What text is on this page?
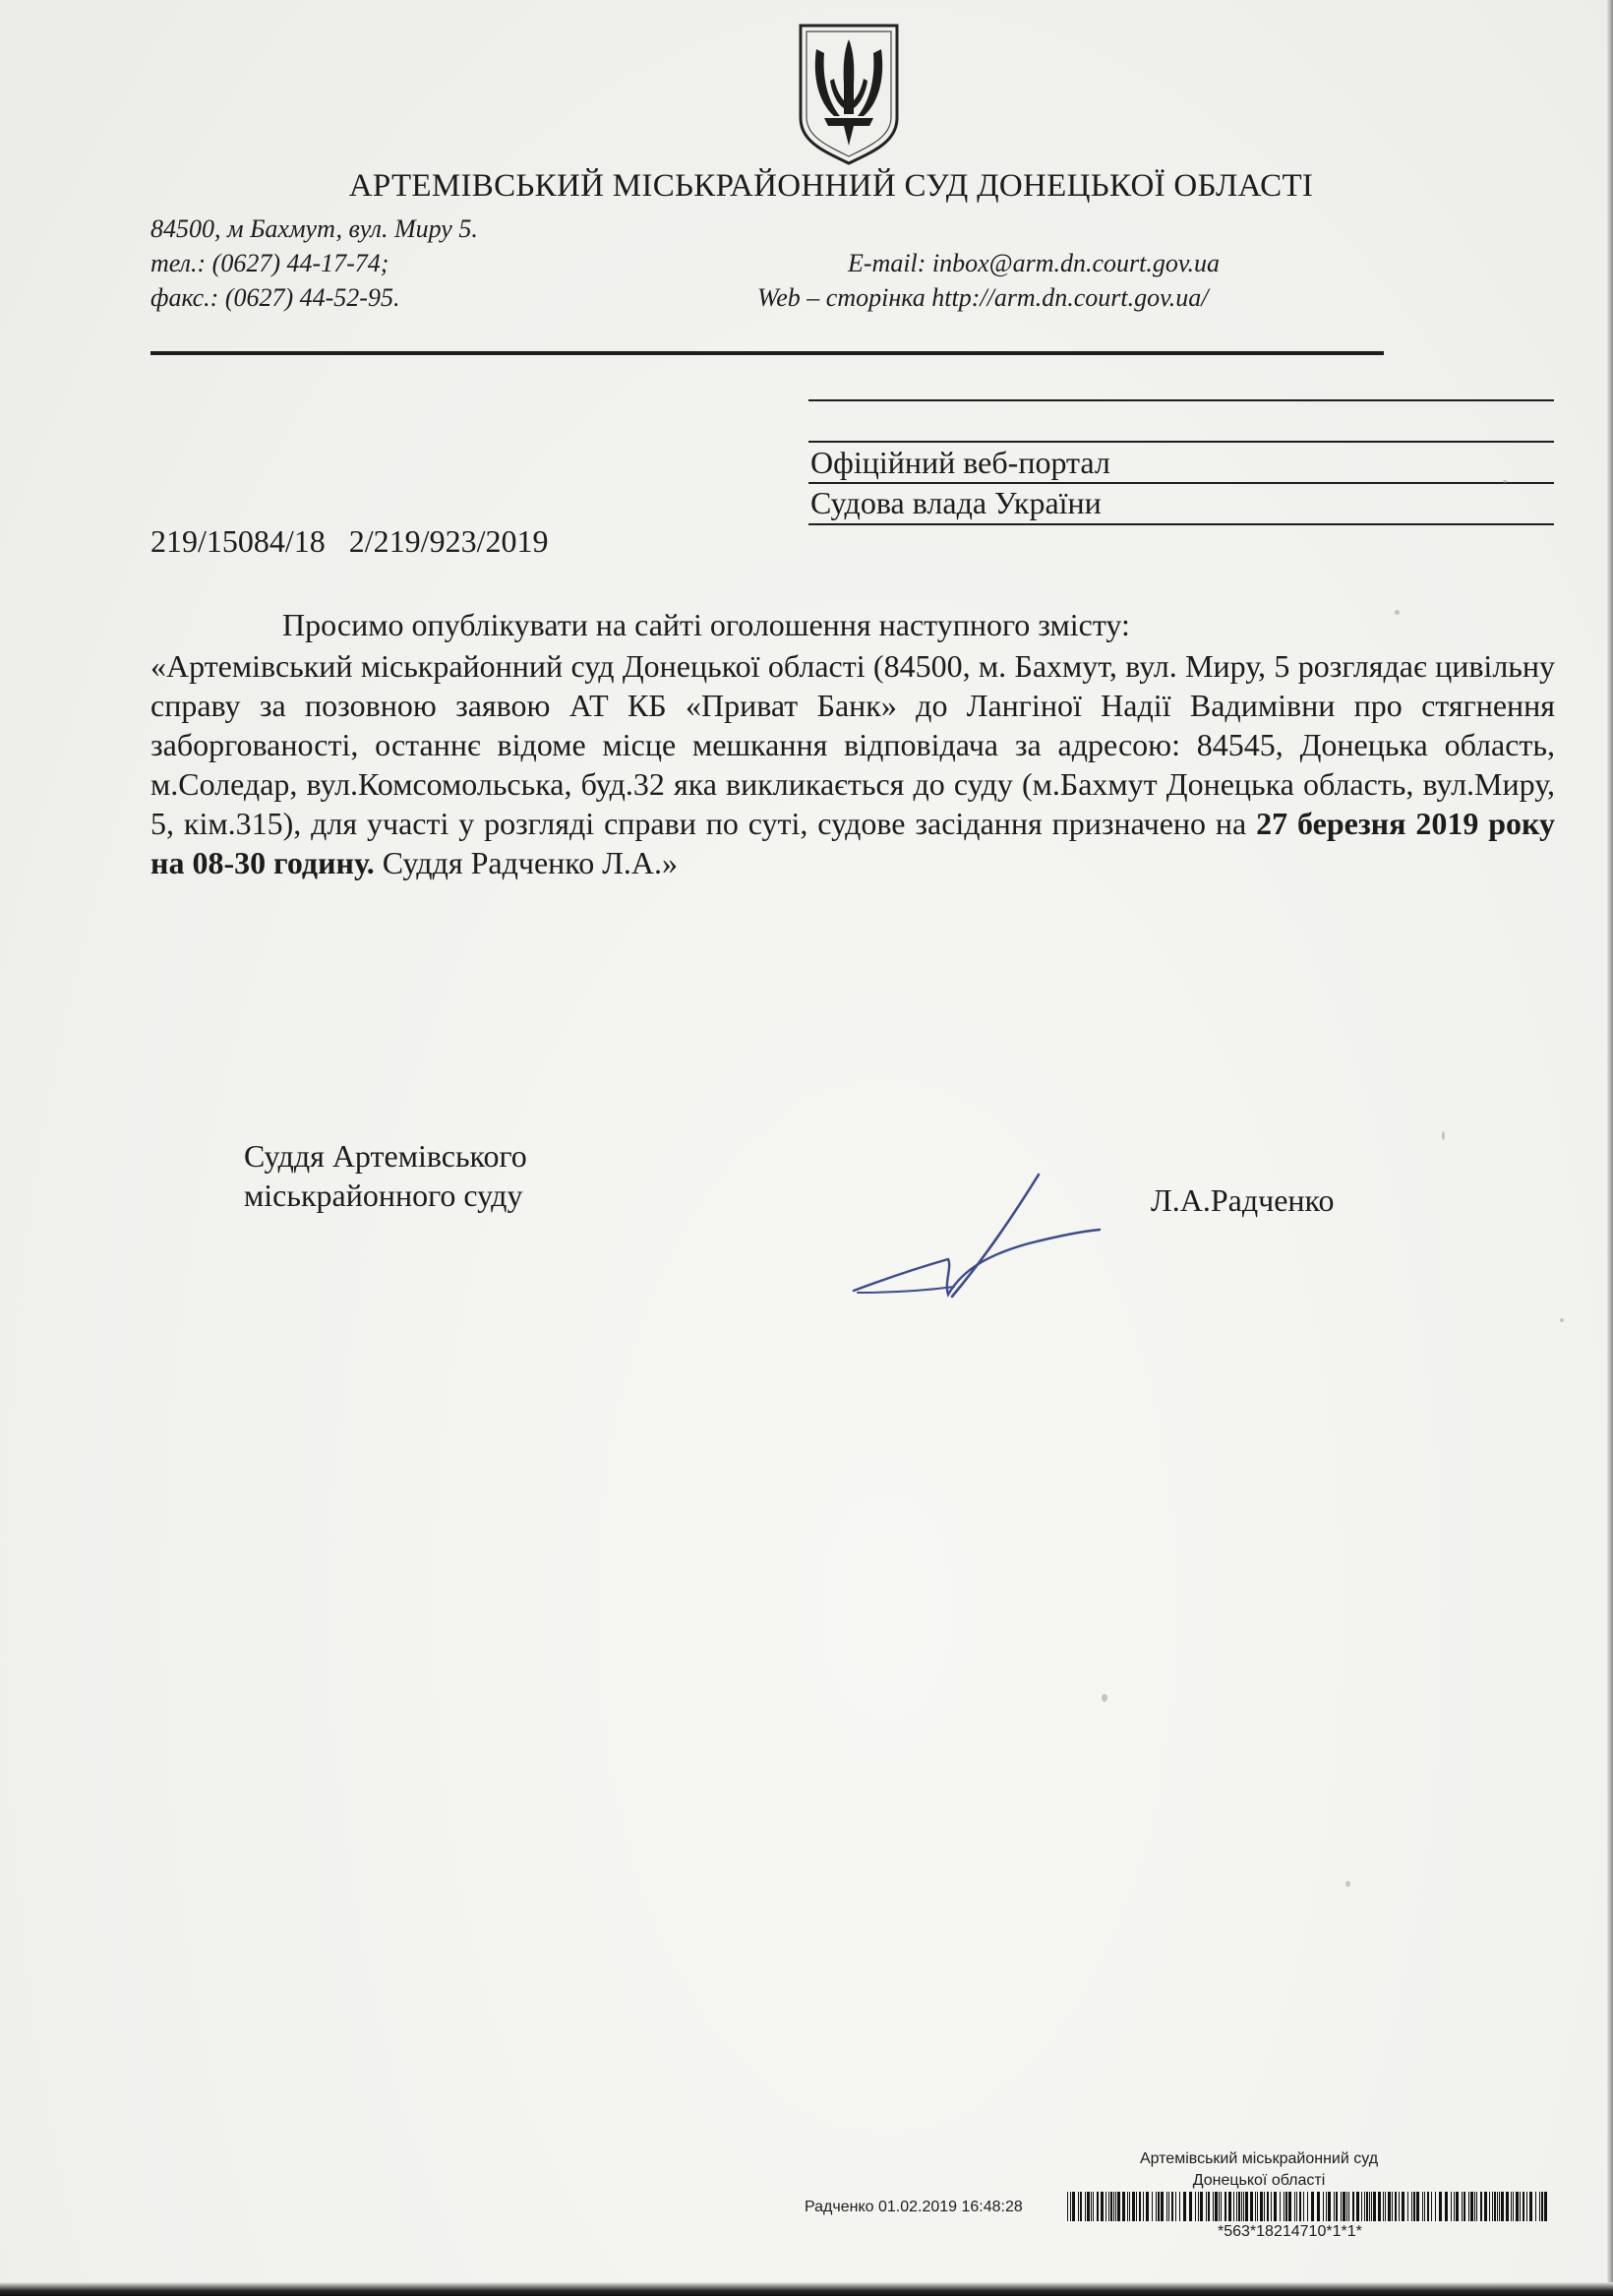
АРТЕМІВСЬКИЙ МІСЬКРАЙОННИЙ СУД ДОНЕЦЬКОЇ ОБЛАСТІ
84500, м Бахмут, вул. Миру 5.
тел.: (0627) 44-17-74;
факс.: (0627) 44-52-95.
E-mail: inbox@arm.dn.court.gov.ua
Web – сторінка http://arm.dn.court.gov.ua/
Офіційний веб-портал
Судова влада України
219/15084/18   2/219/923/2019
Просимо опублікувати на сайті оголошення наступного змісту:
«Артемівський міськрайонний суд Донецької області (84500, м. Бахмут, вул. Миру, 5 розглядає цивільну справу за позовною заявою АТ КБ «Приват Банк» до Лангіної Надії Вадимівни про стягнення заборгованості, останнє відоме місце мешкання відповідача за адресою: 84545, Донецька область, м.Соледар, вул.Комсомольська, буд.32 яка викликається до суду (м.Бахмут Донецька область, вул.Миру, 5, кім.315), для участі у розгляді справи по суті, судове засідання призначено на 27 березня 2019 року на 08-30 годину. Суддя Радченко Л.А.»
Суддя Артемівського
міськрайонного суду	Л.А.Радченко
Артемівський міськрайонний суд
Донецької області
Радченко 01.02.2019 16:48:28
*563*18214710*1*1*
